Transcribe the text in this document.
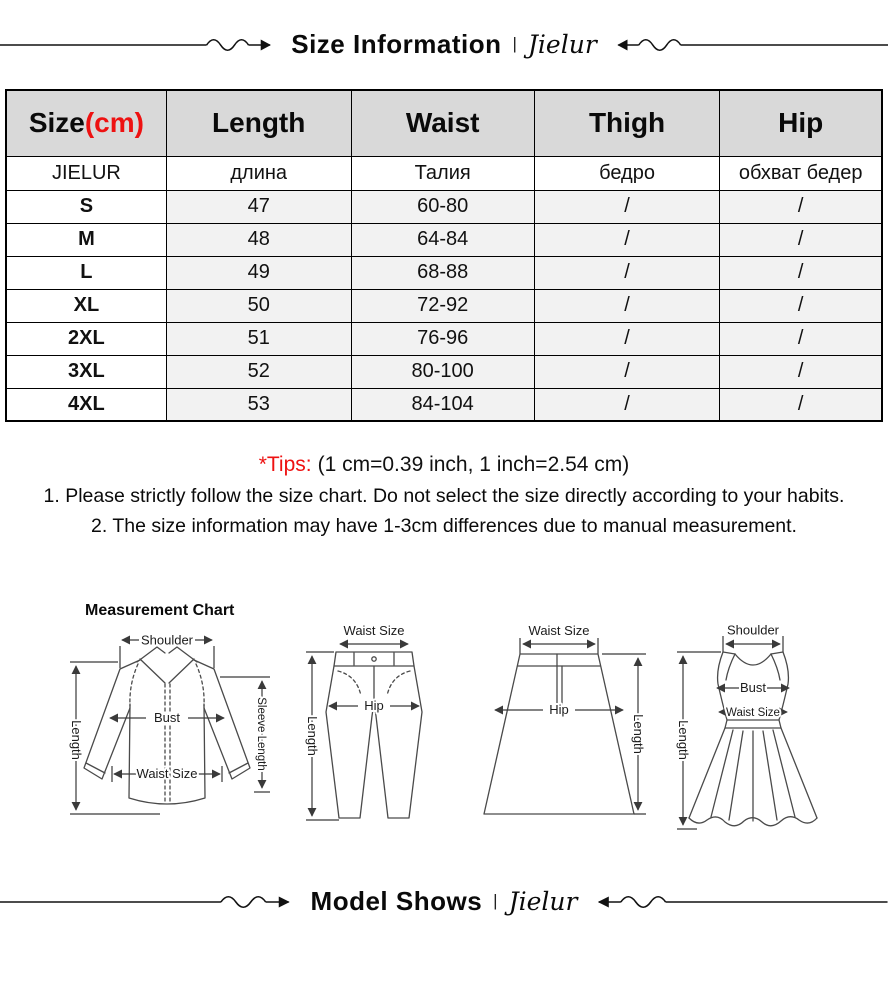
Size Information | Jielur
Size(cm)	Length	Waist	Thigh	Hip
JIELUR	длина	Талия	бедро	обхват бедер
S	47	60-80	/	/
M	48	64-84	/	/
L	49	68-88	/	/
XL	50	72-92	/	/
2XL	51	76-96	/	/
3XL	52	80-100	/	/
4XL	53	84-104	/	/

*Tips: (1 cm=0.39 inch, 1 inch=2.54 cm)

1. Please strictly follow the size chart. Do not select the size directly according to your habits.

2. The size information may have 1-3cm differences due to manual measurement.

Measurement Chart
Shoulder
Length
Bust
Waist Size
Sleeve Length
Waist Size
Hip
Length
Waist Size
Hip
Length
Shoulder
Bust
Waist Size
Length
Model Shows | Jielur
